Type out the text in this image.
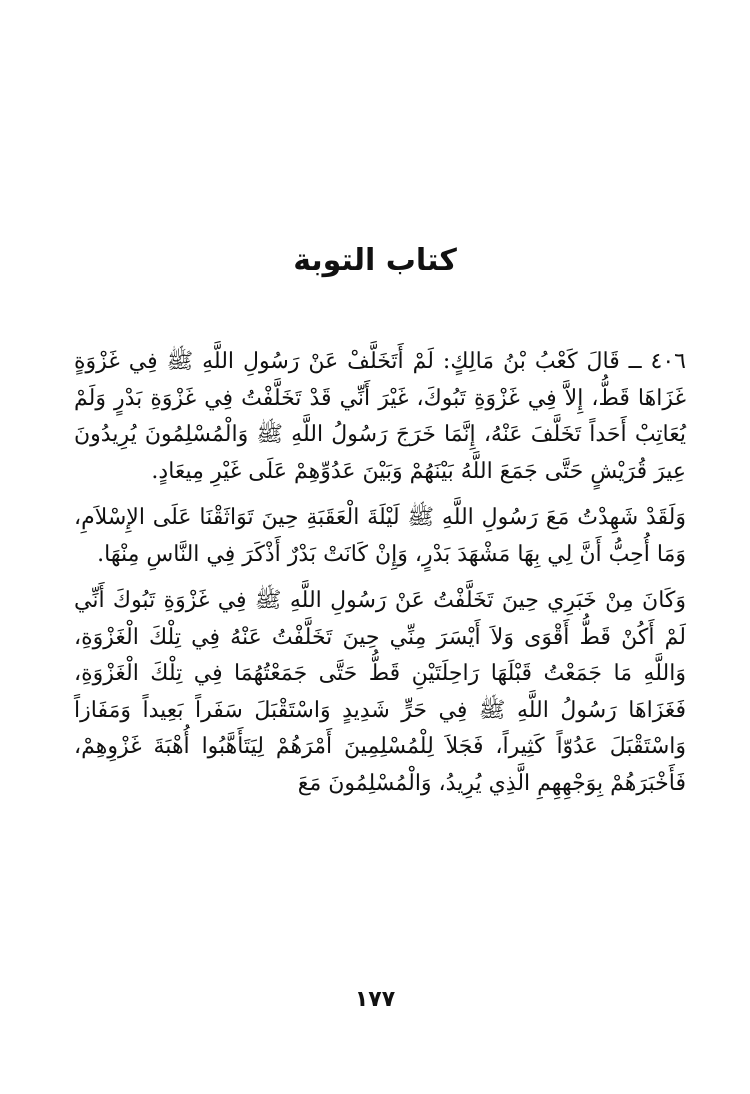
كتاب التوبة

٤٠٦ ــ قَالَ كَعْبُ بْنُ مَالِكٍ: لَمْ أَتَخَلَّفْ عَنْ رَسُولِ اللَّهِ ﷺ فِي غَزْوَةٍ غَزَاهَا قَطُّ، إِلاَّ فِي غَزْوَةِ تَبُوكَ، غَيْرَ أَنِّي قَدْ تَخَلَّفْتُ فِي غَزْوَةِ بَدْرٍ وَلَمْ يُعَاتِبْ أَحَداً تَخَلَّفَ عَنْهُ، إِنَّمَا خَرَجَ رَسُولُ اللَّهِ ﷺ وَالْمُسْلِمُونَ يُرِيدُونَ عِيرَ قُرَيْشٍ حَتَّى جَمَعَ اللَّهُ بَيْنَهُمْ وَبَيْنَ عَدُوِّهِمْ عَلَى غَيْرِ مِيعَادٍ.

وَلَقَدْ شَهِدْتُ مَعَ رَسُولِ اللَّهِ ﷺ لَيْلَةَ الْعَقَبَةِ حِينَ تَوَاثَقْنَا عَلَى الإِسْلاَمِ، وَمَا أُحِبُّ أَنَّ لِي بِهَا مَشْهَدَ بَدْرٍ، وَإِنْ كَانَتْ بَدْرٌ أَذْكَرَ فِي النَّاسِ مِنْهَا.

وَكَانَ مِنْ خَبَرِي حِينَ تَخَلَّفْتُ عَنْ رَسُولِ اللَّهِ ﷺ فِي غَزْوَةِ تَبُوكَ أَنِّي لَمْ أَكُنْ قَطُّ أَقْوَى وَلاَ أَيْسَرَ مِنِّي حِينَ تَخَلَّفْتُ عَنْهُ فِي تِلْكَ الْغَزْوَةِ، وَاللَّهِ مَا جَمَعْتُ قَبْلَهَا رَاحِلَتَيْنِ قَطُّ حَتَّى جَمَعْتُهُمَا فِي تِلْكَ الْغَزْوَةِ، فَغَزَاهَا رَسُولُ اللَّهِ ﷺ فِي حَرٍّ شَدِيدٍ وَاسْتَقْبَلَ سَفَراً بَعِيداً وَمَفَازاً وَاسْتَقْبَلَ عَدُوّاً كَثِيراً، فَجَلاَ لِلْمُسْلِمِينَ أَمْرَهُمْ لِيَتَأَهَّبُوا أُهْبَةَ غَزْوِهِمْ، فَأَخْبَرَهُمْ بِوَجْهِهِمِ الَّذِي يُرِيدُ، وَالْمُسْلِمُونَ مَعَ

١٧٧
